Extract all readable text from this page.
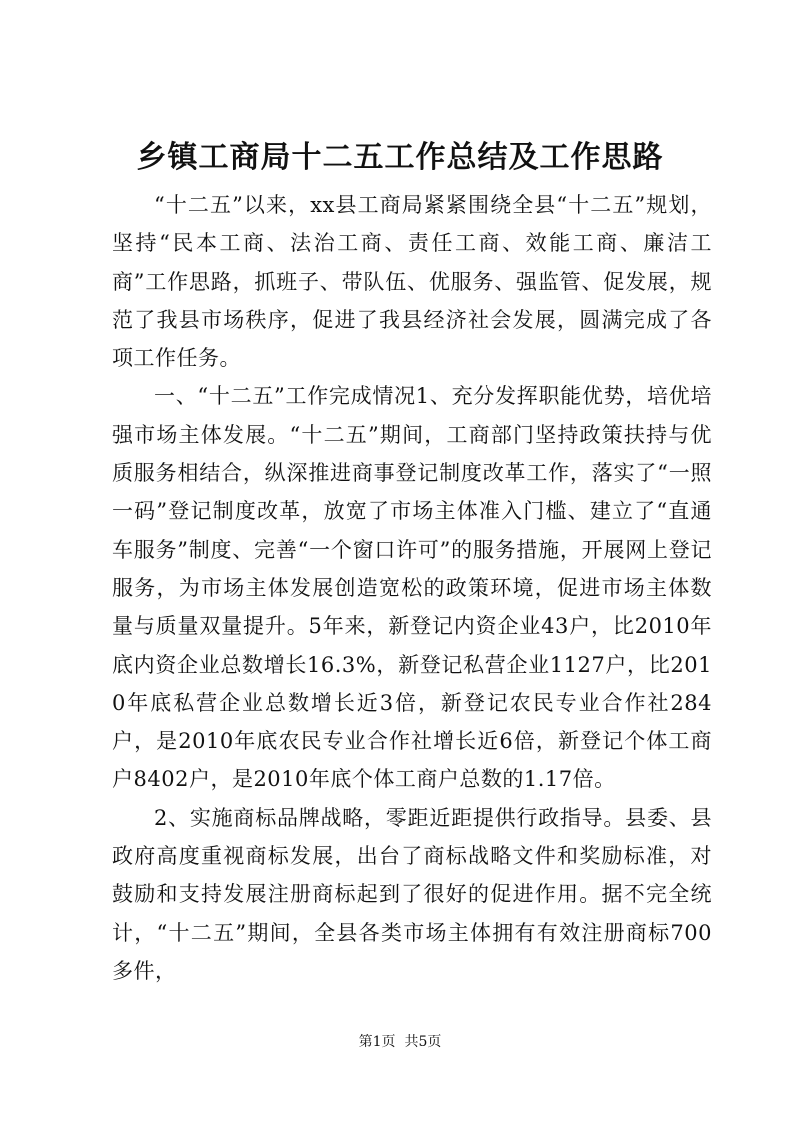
乡镇工商局十二五工作总结及工作思路

“十二五”以来，xx县工商局紧紧围绕全县“十二五”规划，坚持“民本工商、法治工商、责任工商、效能工商、廉洁工商”工作思路，抓班子、带队伍、优服务、强监管、促发展，规范了我县市场秩序，促进了我县经济社会发展，圆满完成了各项工作任务。

一、“十二五”工作完成情况1、充分发挥职能优势，培优培强市场主体发展。“十二五”期间，工商部门坚持政策扶持与优质服务相结合，纵深推进商事登记制度改革工作，落实了“一照一码”登记制度改革，放宽了市场主体准入门槛、建立了“直通车服务”制度、完善“一个窗口许可”的服务措施，开展网上登记服务，为市场主体发展创造宽松的政策环境，促进市场主体数量与质量双量提升。5年来，新登记内资企业43户，比2010年底内资企业总数增长16.3%，新登记私营企业1127户，比2010年底私营企业总数增长近3倍，新登记农民专业合作社284户，是2010年底农民专业合作社增长近6倍，新登记个体工商户8402户，是2010年底个体工商户总数的1.17倍。

2、实施商标品牌战略，零距近距提供行政指导。县委、县政府高度重视商标发展，出台了商标战略文件和奖励标准，对鼓励和支持发展注册商标起到了很好的促进作用。据不完全统计，“十二五”期间，全县各类市场主体拥有有效注册商标700多件，

第1页  共5页
